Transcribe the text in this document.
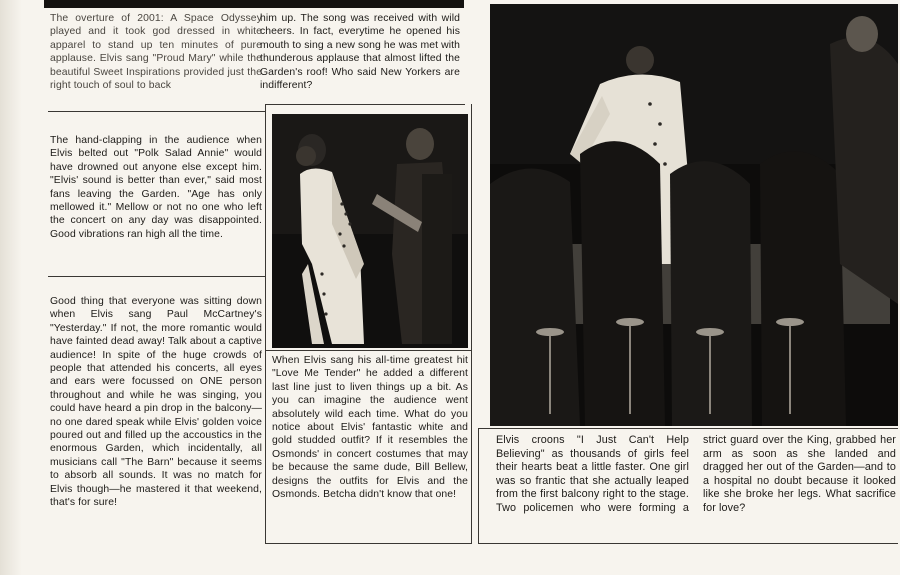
The overture of 2001: A Space Odyssey played and it took god dressed in white apparel to stand up ten minutes of pure applause. Elvis sang "Proud Mary" while the beautiful Sweet Inspirations provided just the right touch of soul to back

The hand-clapping in the audience when Elvis belted out "Polk Salad Annie" would have drowned out anyone else except him. "Elvis' sound is better than ever," said most fans leaving the Garden. "Age has only mellowed it." Mellow or not no one who left the concert on any day was disappointed. Good vibrations ran high all the time.

Good thing that everyone was sitting down when Elvis sang Paul McCartney's "Yesterday." If not, the more romantic would have fainted dead away! Talk about a captive audience! In spite of the huge crowds of people that attended his concerts, all eyes and ears were focussed on ONE person throughout and while he was singing, you could have heard a pin drop in the balcony—no one dared speak while Elvis' golden voice poured out and filled up the accoustics in the enormous Garden, which incidentally, all musicians call "The Barn" because it seems to absorb all sounds. It was no match for Elvis though—he mastered it that weekend, that's for sure!

him up. The song was received with wild cheers. In fact, everytime he opened his mouth to sing a new song he was met with thunderous applause that almost lifted the Garden's roof! Who said New Yorkers are indifferent?

When Elvis sang his all-time greatest hit "Love Me Tender" he added a different last line just to liven things up a bit. As you can imagine the audience went absolutely wild each time. What do you notice about Elvis' fantastic white and gold studded outfit? If it resembles the Osmonds' in concert costumes that may be because the same dude, Bill Bellew, designs the outfits for Elvis and the Osmonds. Betcha didn't know that one!

Elvis croons "I Just Can't Help Believing" as thousands of girls feel their hearts beat a little faster. One girl was so frantic that she actually leaped from the first balcony right to the stage. Two policemen who were forming a strict guard over the King, grabbed her arm as soon as she landed and dragged her out of the Garden—and to a hospital no doubt because it looked like she broke her legs. What sacrifice for love?
